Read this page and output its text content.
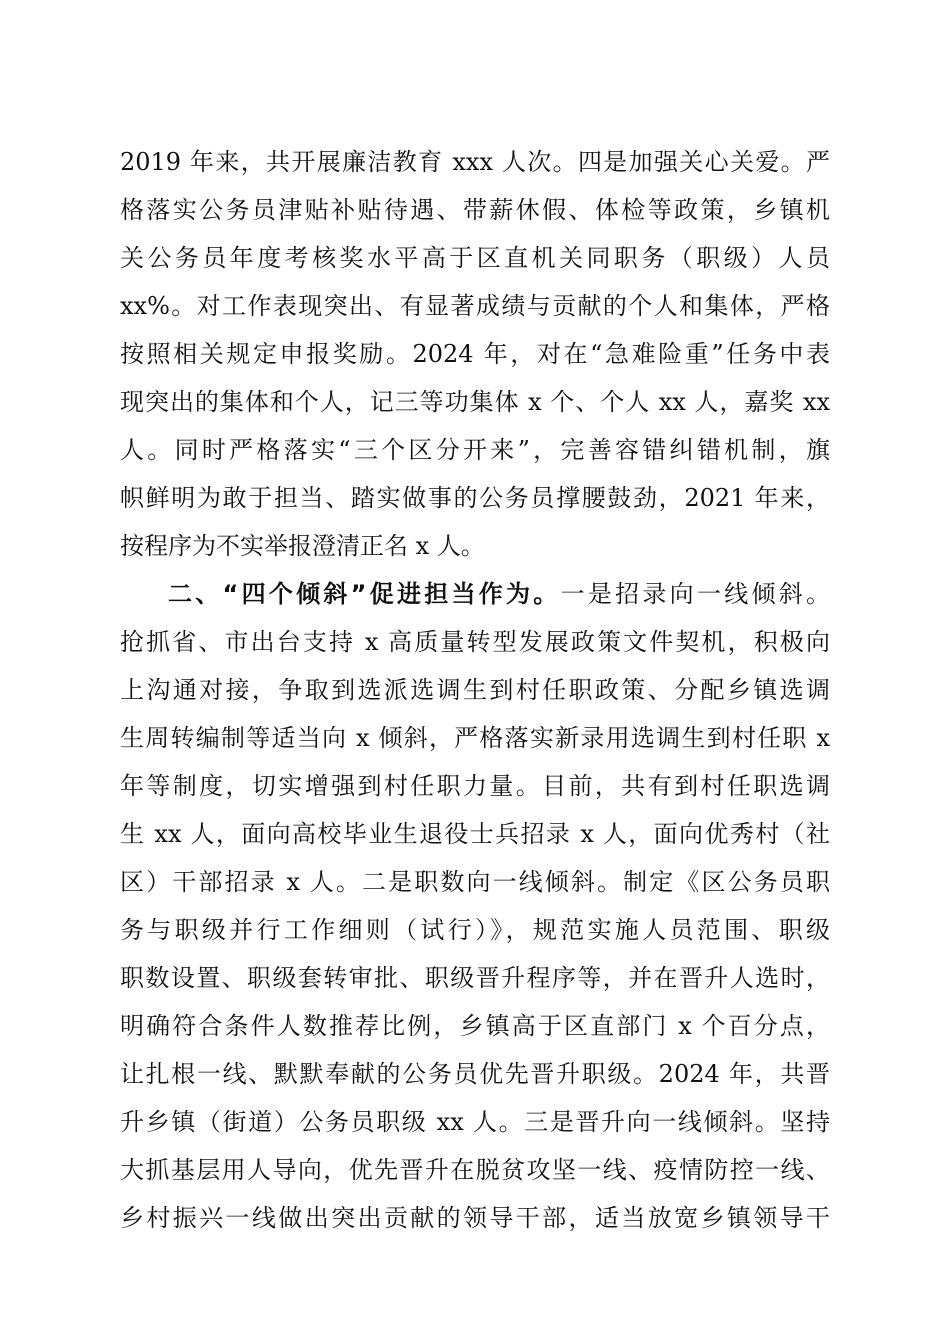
2019 年来，共开展廉洁教育 xxx 人次。四是加强关心关爱。严
格落实公务员津贴补贴待遇、带薪休假、体检等政策，乡镇机
关公务员年度考核奖水平高于区直机关同职务（职级）人员
xx%。对工作表现突出、有显著成绩与贡献的个人和集体，严格
按照相关规定申报奖励。2024 年，对在“急难险重”任务中表
现突出的集体和个人，记三等功集体 x 个、个人 xx 人，嘉奖 xx
人。同时严格落实“三个区分开来”，完善容错纠错机制，旗
帜鲜明为敢于担当、踏实做事的公务员撑腰鼓劲，2021 年来，
按程序为不实举报澄清正名 x 人。
二、“四个倾斜”促进担当作为。一是招录向一线倾斜。
抢抓省、市出台支持 x 高质量转型发展政策文件契机，积极向
上沟通对接，争取到选派选调生到村任职政策、分配乡镇选调
生周转编制等适当向 x 倾斜，严格落实新录用选调生到村任职 x
年等制度，切实增强到村任职力量。目前，共有到村任职选调
生 xx 人，面向高校毕业生退役士兵招录 x 人，面向优秀村（社
区）干部招录 x 人。二是职数向一线倾斜。制定《区公务员职
务与职级并行工作细则（试行）》，规范实施人员范围、职级
职数设置、职级套转审批、职级晋升程序等，并在晋升人选时，
明确符合条件人数推荐比例，乡镇高于区直部门 x 个百分点，
让扎根一线、默默奉献的公务员优先晋升职级。2024 年，共晋
升乡镇（街道）公务员职级 xx 人。三是晋升向一线倾斜。坚持
大抓基层用人导向，优先晋升在脱贫攻坚一线、疫情防控一线、
乡村振兴一线做出突出贡献的领导干部，适当放宽乡镇领导干
